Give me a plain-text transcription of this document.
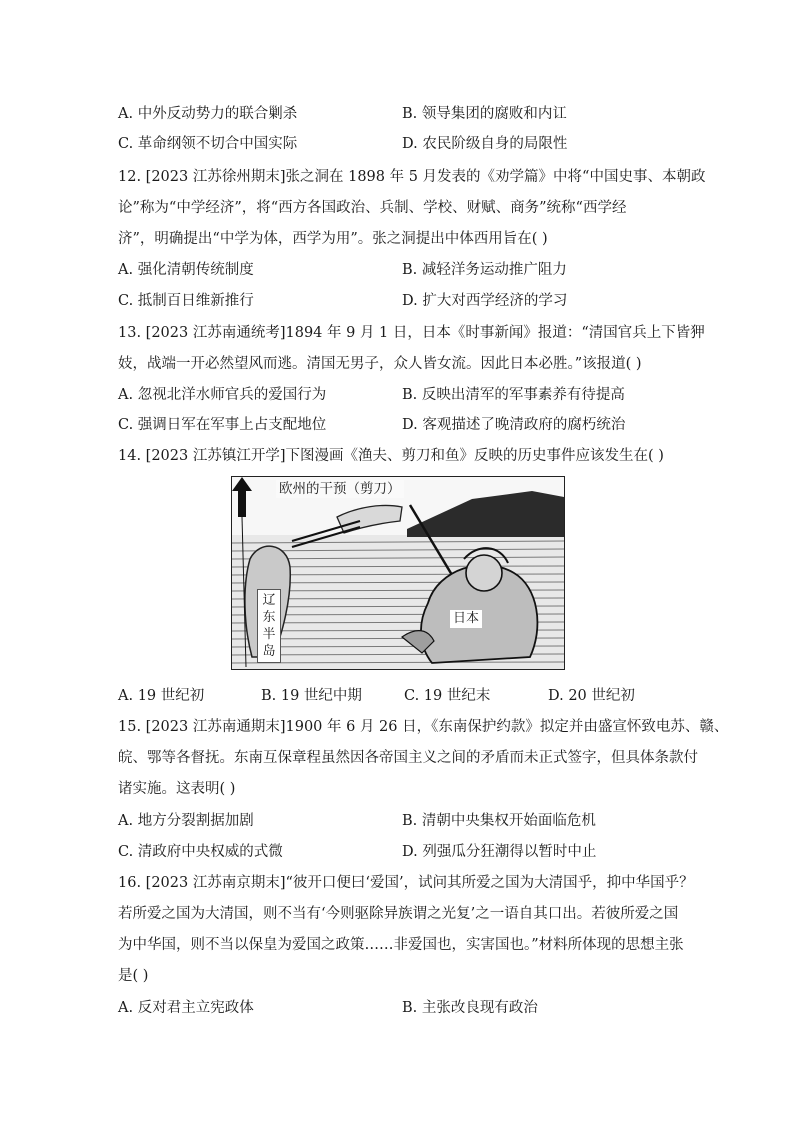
A. 中外反动势力的联合剿杀	B. 领导集团的腐败和内讧
C. 革命纲领不切合中国实际	D. 农民阶级自身的局限性
12. [2023 江苏徐州期末]张之洞在 1898 年 5 月发表的《劝学篇》中将“中国史事、本朝政
论”称为“中学经济”，将“西方各国政治、兵制、学校、财赋、商务”统称“西学经
济”，明确提出“中学为体，西学为用”。张之洞提出中体西用旨在( )
A. 强化清朝传统制度	B. 减轻洋务运动推广阻力
C. 抵制百日维新推行	D. 扩大对西学经济的学习
13. [2023 江苏南通统考]1894 年 9 月 1 日，日本《时事新闻》报道：“清国官兵上下皆狎
妓，战端一开必然望风而逃。清国无男子，众人皆女流。因此日本必胜。”该报道( )
A. 忽视北洋水师官兵的爱国行为	B. 反映出清军的军事素养有待提高
C. 强调日军在军事上占支配地位	D. 客观描述了晚清政府的腐朽统治
14. [2023 江苏镇江开学]下图漫画《渔夫、剪刀和鱼》反映的历史事件应该发生在( )
欧州的干预（剪刀）
辽
东
半
岛
日本
A. 19 世纪初	B. 19 世纪中期	C. 19 世纪末	D. 20 世纪初
15. [2023 江苏南通期末]1900 年 6 月 26 日，《东南保护约款》拟定并由盛宣怀致电苏、赣、
皖、鄂等各督抚。东南互保章程虽然因各帝国主义之间的矛盾而未正式签字，但具体条款付
诸实施。这表明( )
A. 地方分裂割据加剧	B. 清朝中央集权开始面临危机
C. 清政府中央权威的式微	D. 列强瓜分狂潮得以暂时中止
16. [2023 江苏南京期末]“彼开口便曰‘爱国’，试问其所爱之国为大清国乎，抑中华国乎？
若所爱之国为大清国，则不当有‘今则驱除异族谓之光复’之一语自其口出。若彼所爱之国
为中华国，则不当以保皇为爱国之政策……非爱国也，实害国也。”材料所体现的思想主张
是( )
A. 反对君主立宪政体	B. 主张改良现有政治
